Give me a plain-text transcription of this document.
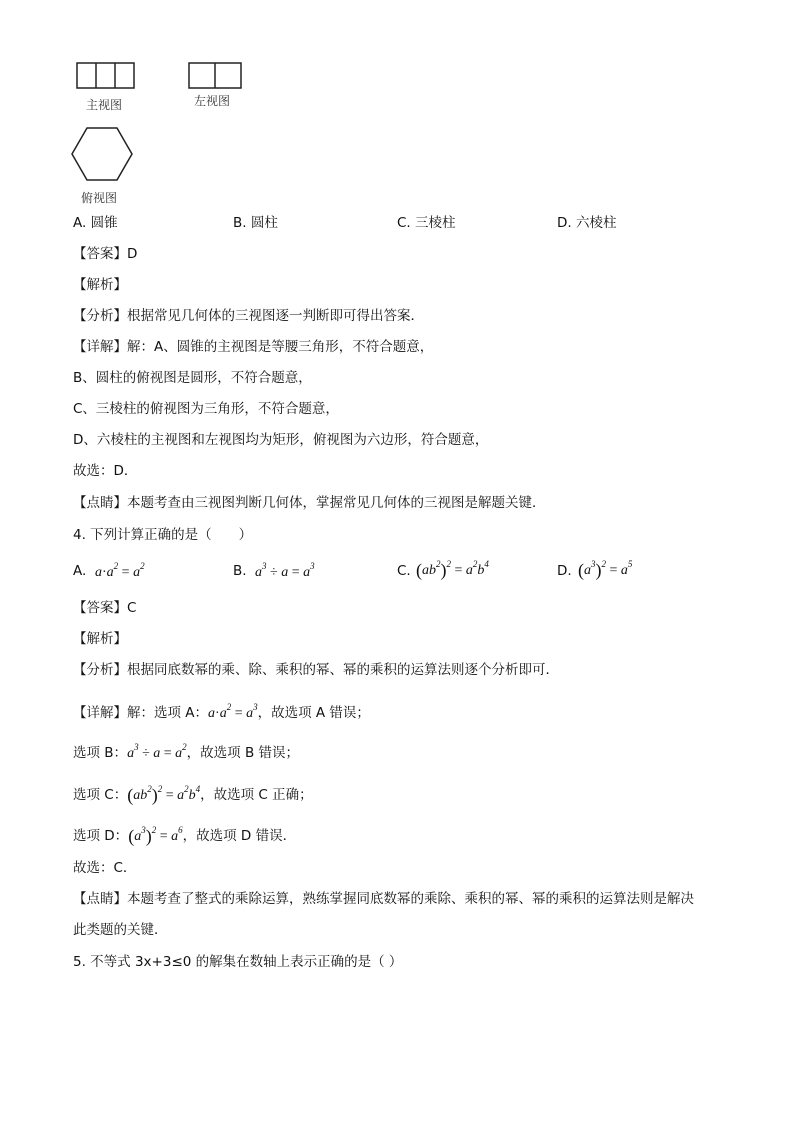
主视图	左视图
俯视图
A. 圆锥	B. 圆柱	C. 三棱柱	D. 六棱柱
【答案】D
【解析】
【分析】根据常见几何体的三视图逐一判断即可得出答案．
【详解】解：A、圆锥的主视图是等腰三角形，不符合题意，
B、圆柱的俯视图是圆形，不符合题意，
C、三棱柱的俯视图为三角形，不符合题意，
D、六棱柱的主视图和左视图均为矩形，俯视图为六边形，符合题意，
故选：D．
【点睛】本题考查由三视图判断几何体，掌握常见几何体的三视图是解题关键．
4. 下列计算正确的是（　　）
A. $a\cdot a^2 = a^2$	B. $a^3 \div a = a^3$	C. $(ab^2)^2 = a^2b^4$	D. $(a^3)^2 = a^5$
【答案】C
【解析】
【分析】根据同底数幂的乘、除、乘积的幂、幂的乘积的运算法则逐个分析即可．
【详解】解：选项 A：$a\cdot a^2 = a^3$，故选项 A 错误；
选项 B：$a^3 \div a = a^2$，故选项 B 错误；
选项 C：$(ab^2)^2 = a^2b^4$，故选项 C 正确；
选项 D：$(a^3)^2 = a^6$，故选项 D 错误．
故选：C．
【点睛】本题考查了整式的乘除运算，熟练掌握同底数幂的乘除、乘积的幂、幂的乘积的运算法则是解决
此类题的关键．
5. 不等式 3x+3≤0 的解集在数轴上表示正确的是（ ）
